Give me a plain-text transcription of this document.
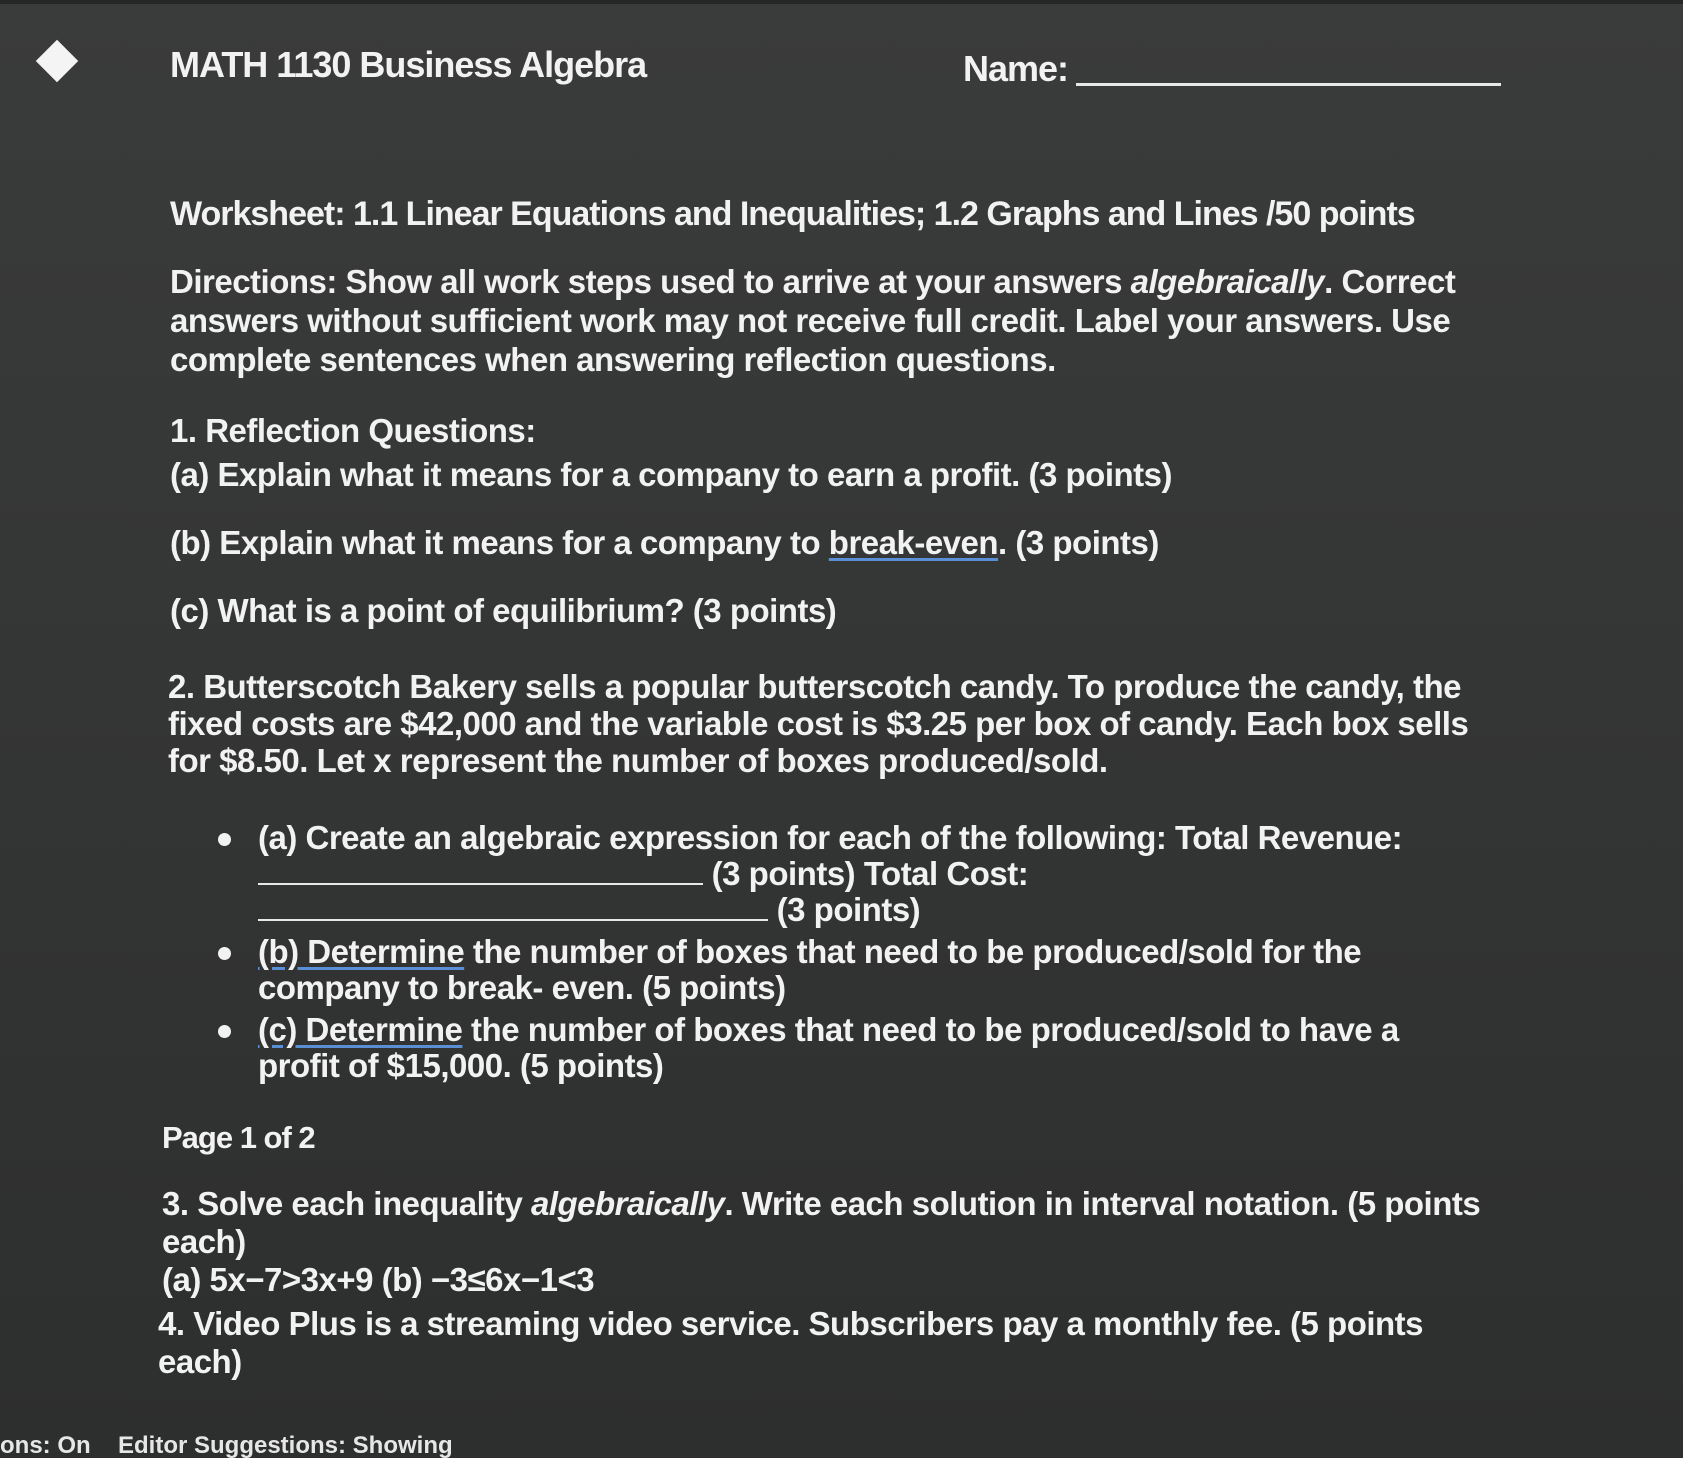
MATH 1130 Business Algebra	Name:
Worksheet: 1.1 Linear Equations and Inequalities; 1.2 Graphs and Lines /50 points
Directions: Show all work steps used to arrive at your answers algebraically. Correct answers without sufficient work may not receive full credit. Label your answers. Use complete sentences when answering reflection questions.
1. Reflection Questions:
(a) Explain what it means for a company to earn a profit. (3 points)
(b) Explain what it means for a company to break-even. (3 points)
(c) What is a point of equilibrium? (3 points)
2. Butterscotch Bakery sells a popular butterscotch candy. To produce the candy, the fixed costs are $42,000 and the variable cost is $3.25 per box of candy. Each box sells for $8.50. Let x represent the number of boxes produced/sold.
(a) Create an algebraic expression for each of the following: Total Revenue:
(3 points) Total Cost:
(3 points)
(b) Determine the number of boxes that need to be produced/sold for the company to break- even. (5 points)
(c) Determine the number of boxes that need to be produced/sold to have a profit of $15,000. (5 points)
Page 1 of 2
3. Solve each inequality algebraically. Write each solution in interval notation. (5 points each)
(a) 5x−7>3x+9 (b) −3≤6x−1<3
4. Video Plus is a streaming video service. Subscribers pay a monthly fee. (5 points each)
ons: On Editor Suggestions: Showing
